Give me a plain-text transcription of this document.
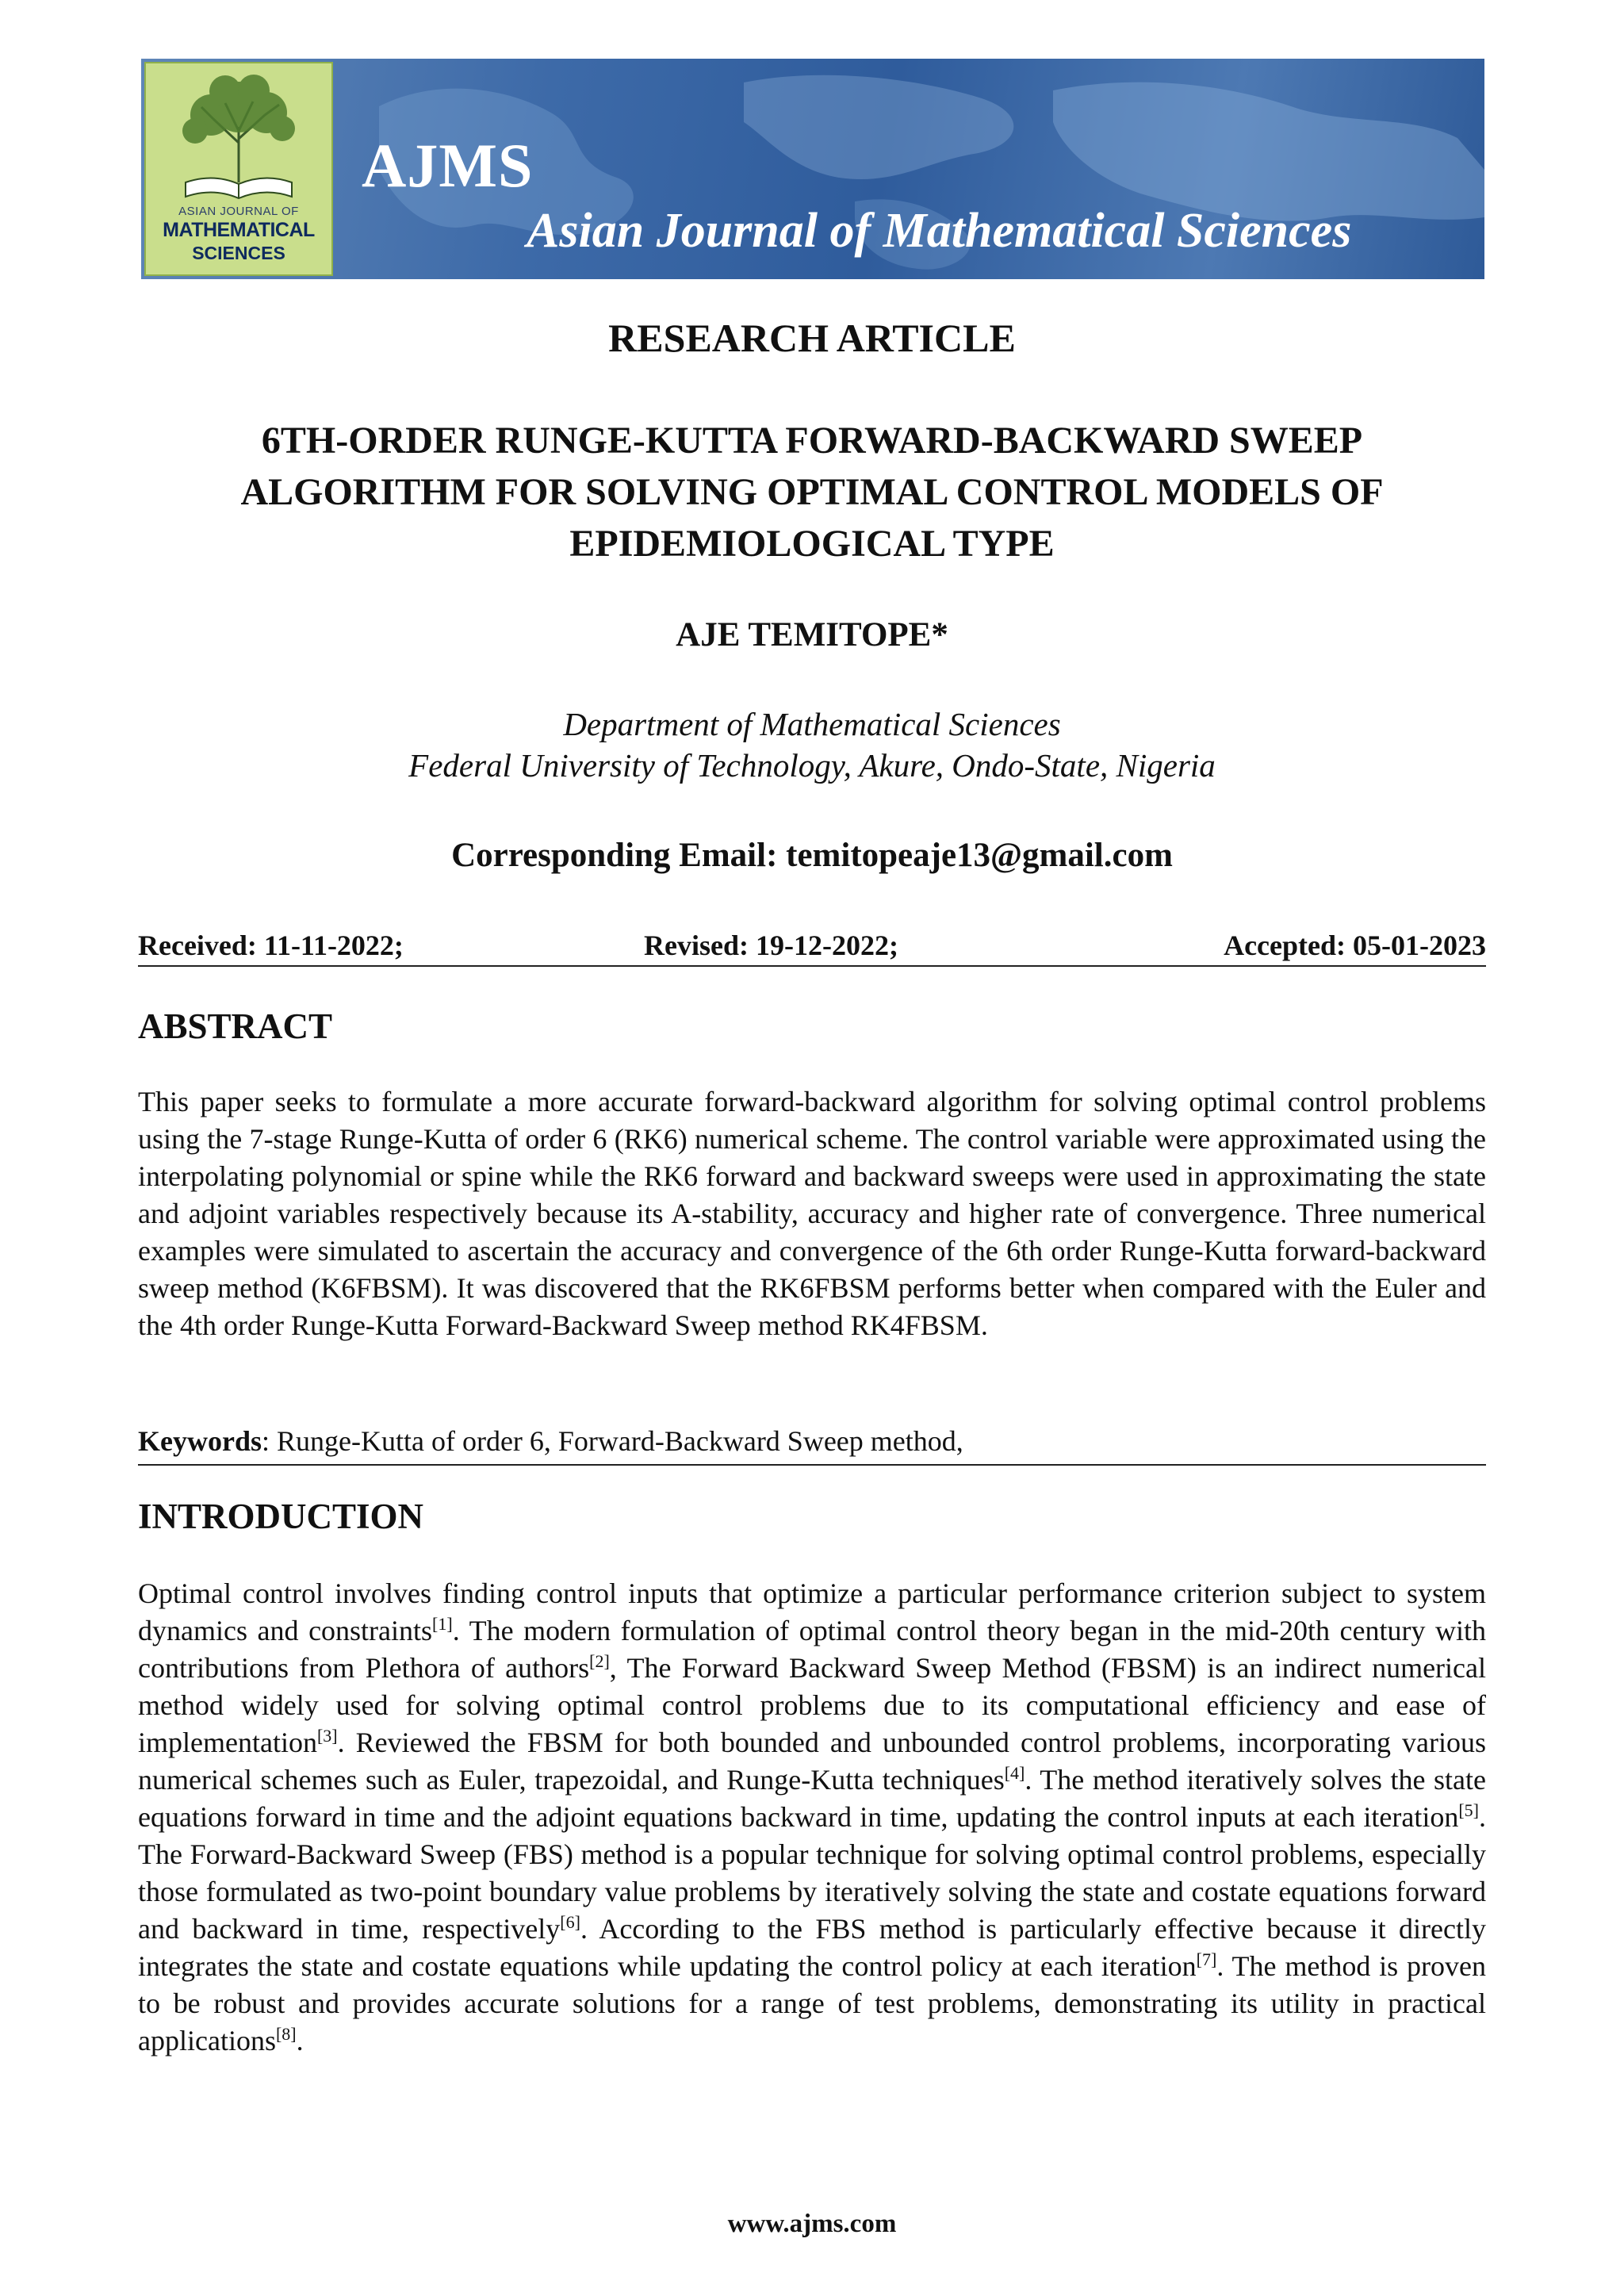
ASIAN JOURNAL OF
MATHEMATICAL
SCIENCES
AJMS
Asian Journal of Mathematical Sciences
RESEARCH ARTICLE
6TH-ORDER RUNGE-KUTTA FORWARD-BACKWARD SWEEP ALGORITHM FOR SOLVING OPTIMAL CONTROL MODELS OF EPIDEMIOLOGICAL TYPE
AJE TEMITOPE*
Department of Mathematical Sciences
Federal University of Technology, Akure, Ondo-State, Nigeria
Corresponding Email: temitopeaje13@gmail.com
Received: 11-11-2022;	Revised: 19-12-2022;	Accepted: 05-01-2023
ABSTRACT
This paper seeks to formulate a more accurate forward-backward algorithm for solving optimal control problems using the 7-stage Runge-Kutta of order 6 (RK6) numerical scheme. The control variable were approximated using the interpolating polynomial or spine while the RK6 forward and backward sweeps were used in approximating the state and adjoint variables respectively because its A-stability, accuracy and higher rate of convergence. Three numerical examples were simulated to ascertain the accuracy and convergence of the 6th order Runge-Kutta forward-backward sweep method (K6FBSM). It was discovered that the RK6FBSM performs better when compared with the Euler and the 4th order Runge-Kutta Forward-Backward Sweep method RK4FBSM.
Keywords: Runge-Kutta of order 6, Forward-Backward Sweep method,
INTRODUCTION
Optimal control involves finding control inputs that optimize a particular performance criterion subject to system dynamics and constraints[1]. The modern formulation of optimal control theory began in the mid-20th century with contributions from Plethora of authors[2], The Forward Backward Sweep Method (FBSM) is an indirect numerical method widely used for solving optimal control problems due to its computational efficiency and ease of implementation[3]. Reviewed the FBSM for both bounded and unbounded control problems, incorporating various numerical schemes such as Euler, trapezoidal, and Runge-Kutta techniques[4]. The method iteratively solves the state equations forward in time and the adjoint equations backward in time, updating the control inputs at each iteration[5]. The Forward-Backward Sweep (FBS) method is a popular technique for solving optimal control problems, especially those formulated as two-point boundary value problems by iteratively solving the state and costate equations forward and backward in time, respectively[6]. According to the FBS method is particularly effective because it directly integrates the state and costate equations while updating the control policy at each iteration[7]. The method is proven to be robust and provides accurate solutions for a range of test problems, demonstrating its utility in practical applications[8].
www.ajms.com
